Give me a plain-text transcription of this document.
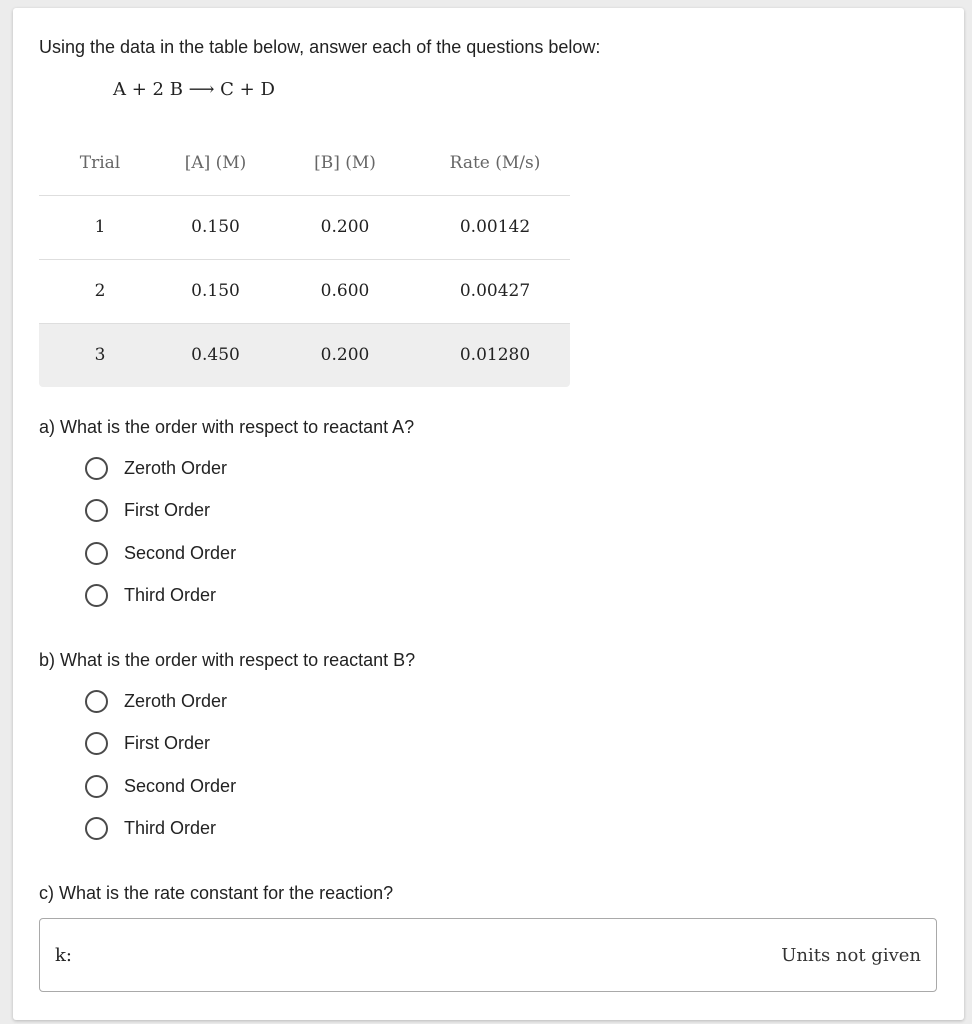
Using the data in the table below, answer each of the questions below:
A + 2 B ⟶ C + D
Trial	[A] (M)	[B] (M)	Rate (M/s)
1	0.150	0.200	0.00142
2	0.150	0.600	0.00427
3	0.450	0.200	0.01280
a) What is the order with respect to reactant A?
Zeroth Order
First Order
Second Order
Third Order
b) What is the order with respect to reactant B?
Zeroth Order
First Order
Second Order
Third Order
c) What is the rate constant for the reaction?
k:	Units not given
